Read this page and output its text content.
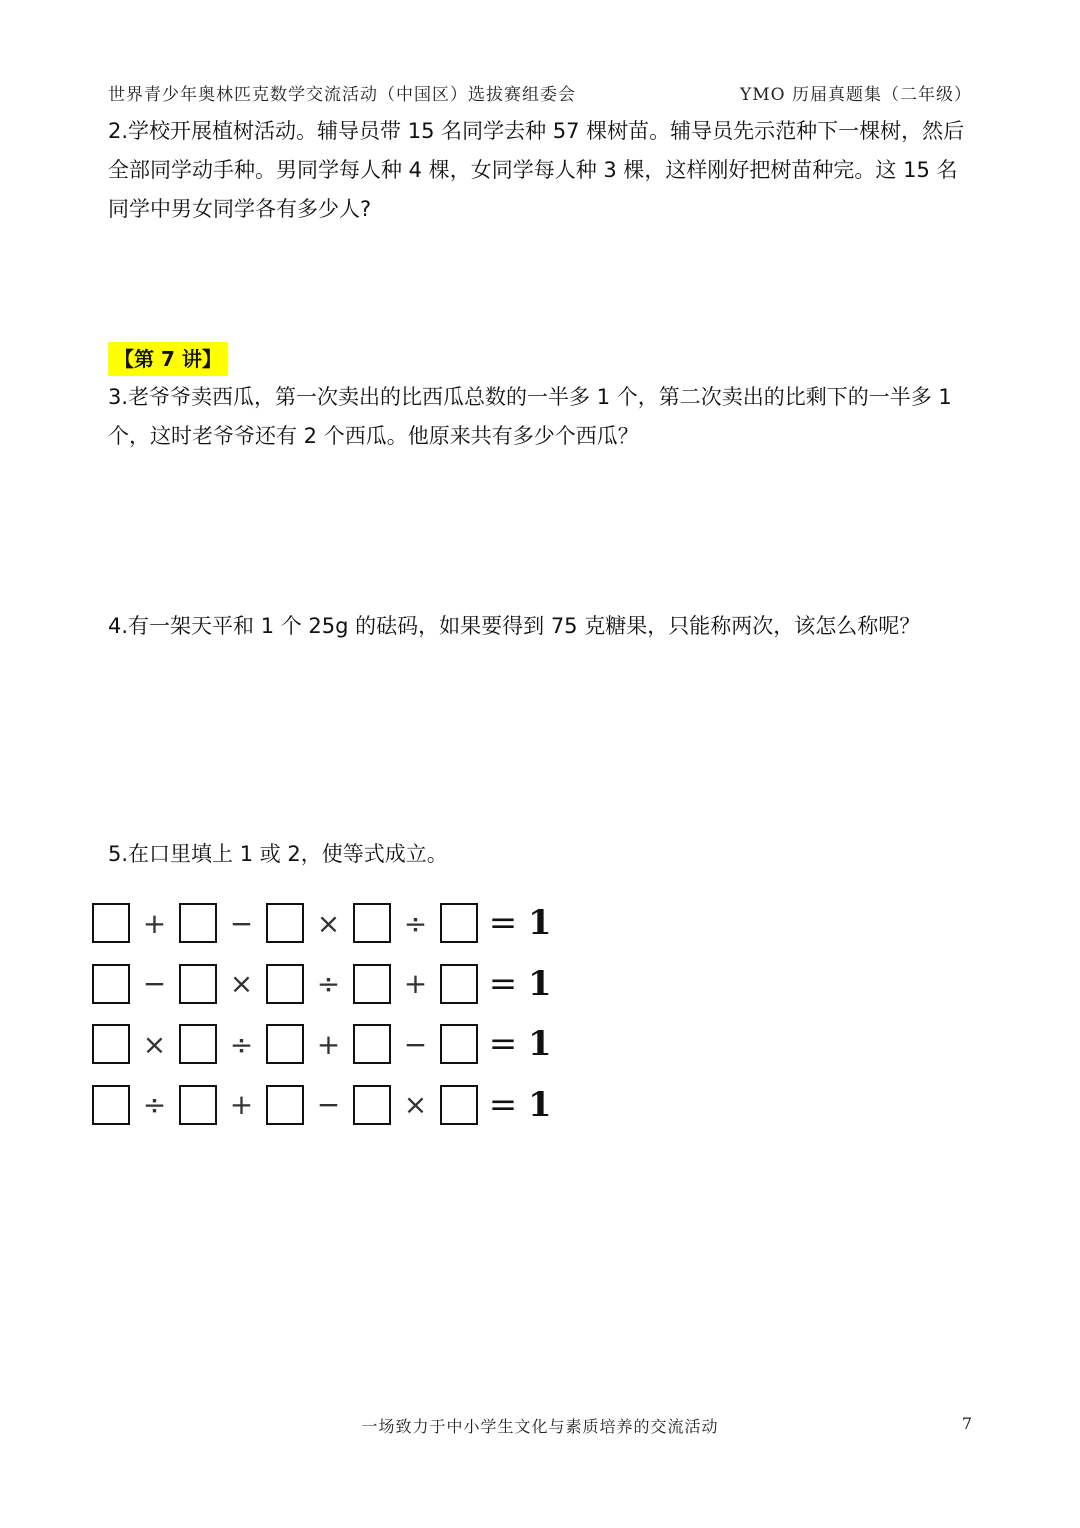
世界青少年奥林匹克数学交流活动（中国区）选拔赛组委会	YMO 历届真题集（二年级）
2.学校开展植树活动。辅导员带 15 名同学去种 57 棵树苗。辅导员先示范种下一棵树，然后
全部同学动手种。男同学每人种 4 棵，女同学每人种 3 棵，这样刚好把树苗种完。这 15 名
同学中男女同学各有多少人?
【第 7 讲】
3.老爷爷卖西瓜，第一次卖出的比西瓜总数的一半多 1 个，第二次卖出的比剩下的一半多 1
个，这时老爷爷还有 2 个西瓜。他原来共有多少个西瓜？
4.有一架天平和 1 个 25g 的砝码，如果要得到 75 克糖果，只能称两次，该怎么称呢？
5.在口里填上 1 或 2，使等式成立。
+	−	×	÷	= 1
−	×	÷	+	= 1
×	÷	+	−	= 1
÷	+	−	×	= 1
一场致力于中小学生文化与素质培养的交流活动	7
